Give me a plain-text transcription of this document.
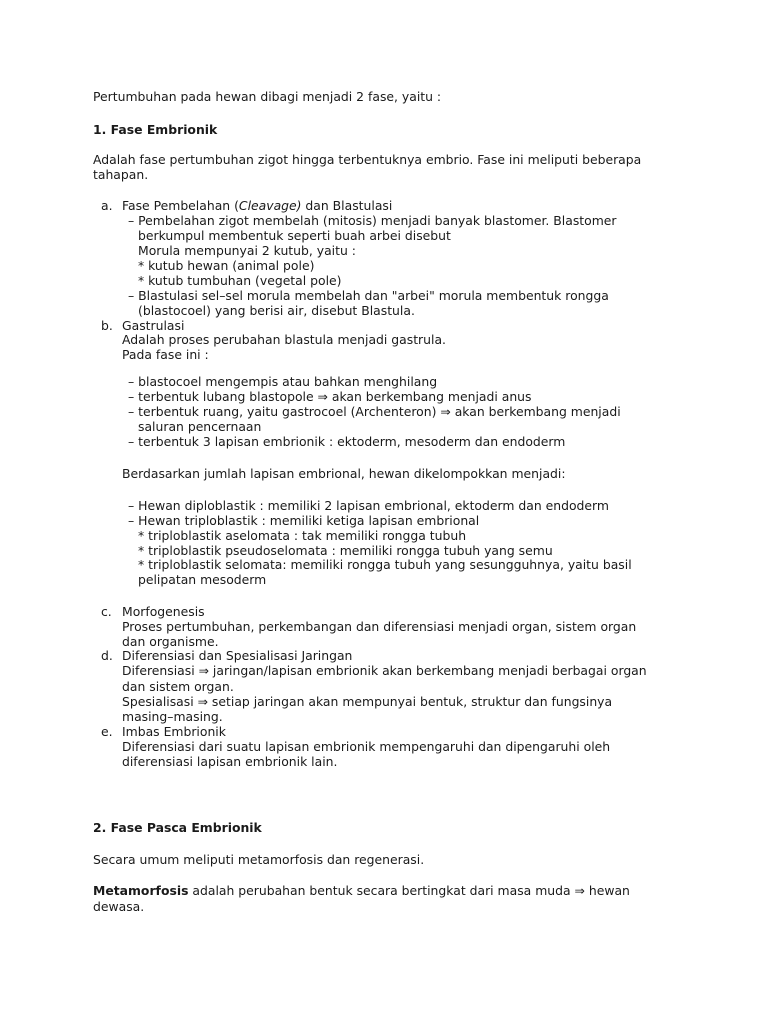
Pertumbuhan pada hewan dibagi menjadi 2 fase, yaitu :

1. Fase Embrionik

Adalah fase pertumbuhan zigot hingga terbentuknya embrio. Fase ini meliputi beberapa

tahapan.

a. Fase Pembelahan (Cleavage) dan Blastulasi

– Pembelahan zigot membelah (mitosis) menjadi banyak blastomer. Blastomer

berkumpul membentuk seperti buah arbei disebut

Morula mempunyai 2 kutub, yaitu :

* kutub hewan (animal pole)

* kutub tumbuhan (vegetal pole)

– Blastulasi sel–sel morula membelah dan "arbei" morula membentuk rongga

(blastocoel) yang berisi air, disebut Blastula.

b. Gastrulasi

Adalah proses perubahan blastula menjadi gastrula.

Pada fase ini :

– blastocoel mengempis atau bahkan menghilang

– terbentuk lubang blastopole ⇒ akan berkembang menjadi anus

– terbentuk ruang, yaitu gastrocoel (Archenteron) ⇒ akan berkembang menjadi

saluran pencernaan

– terbentuk 3 lapisan embrionik : ektoderm, mesoderm dan endoderm

Berdasarkan jumlah lapisan embrional, hewan dikelompokkan menjadi:

– Hewan diploblastik : memiliki 2 lapisan embrional, ektoderm dan endoderm

– Hewan triploblastik : memiliki ketiga lapisan embrional

* triploblastik aselomata : tak memiliki rongga tubuh

* triploblastik pseudoselomata : memiliki rongga tubuh yang semu

* triploblastik selomata: memiliki rongga tubuh yang sesungguhnya, yaitu basil

pelipatan mesoderm

c. Morfogenesis

Proses pertumbuhan, perkembangan dan diferensiasi menjadi organ, sistem organ

dan organisme.

d. Diferensiasi dan Spesialisasi Jaringan

Diferensiasi ⇒ jaringan/lapisan embrionik akan berkembang menjadi berbagai organ

dan sistem organ.

Spesialisasi ⇒ setiap jaringan akan mempunyai bentuk, struktur dan fungsinya

masing–masing.

e. Imbas Embrionik

Diferensiasi dari suatu lapisan embrionik mempengaruhi dan dipengaruhi oleh

diferensiasi lapisan embrionik lain.

2. Fase Pasca Embrionik

Secara umum meliputi metamorfosis dan regenerasi.

Metamorfosis adalah perubahan bentuk secara bertingkat dari masa muda ⇒ hewan

dewasa.
